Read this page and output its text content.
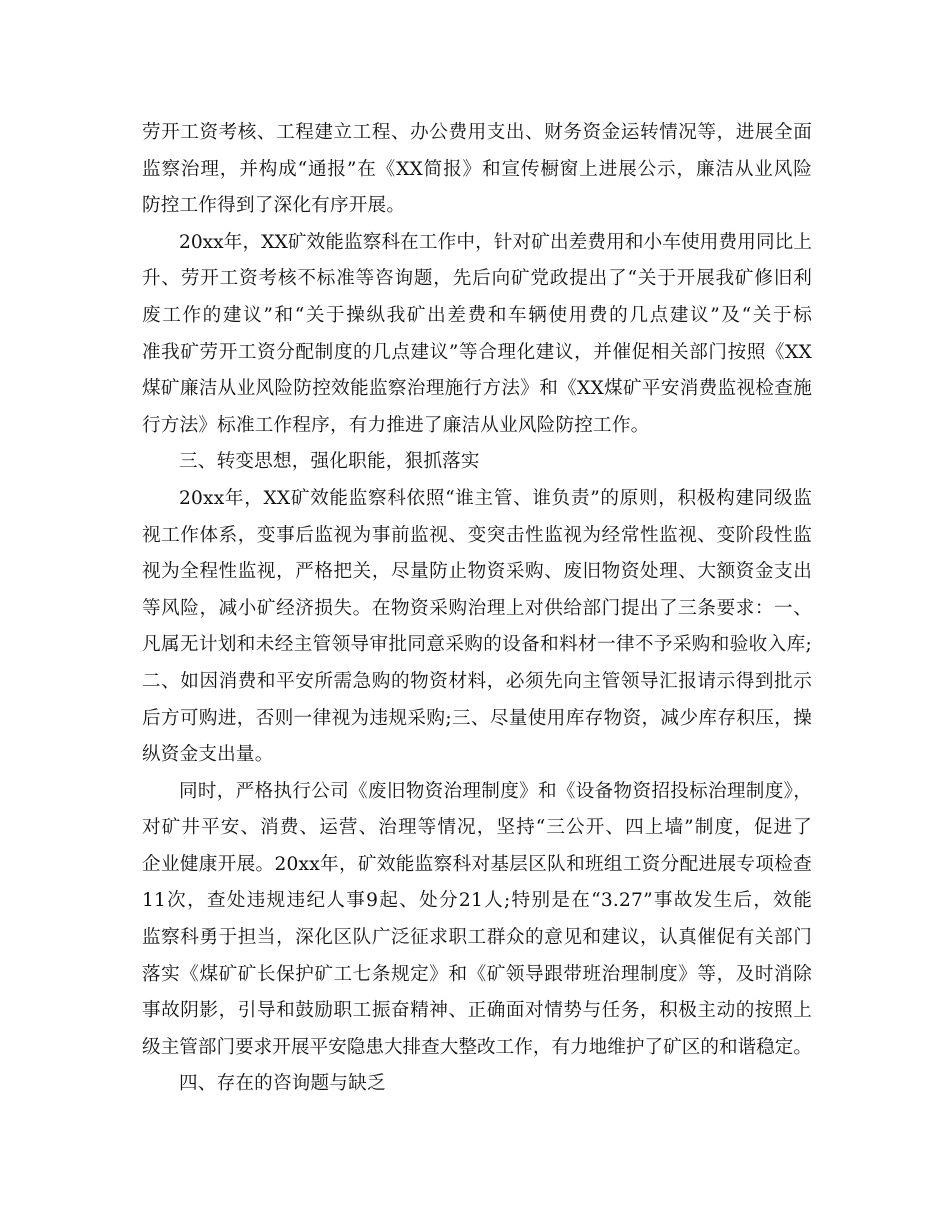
劳开工资考核、工程建立工程、办公费用支出、财务资金运转情况等，进展全面
监察治理，并构成“通报”在《XX简报》和宣传橱窗上进展公示，廉洁从业风险
防控工作得到了深化有序开展。
20xx年，XX矿效能监察科在工作中，针对矿出差费用和小车使用费用同比上
升、劳开工资考核不标准等咨询题，先后向矿党政提出了“关于开展我矿修旧利
废工作的建议”和“关于操纵我矿出差费和车辆使用费的几点建议”及“关于标
准我矿劳开工资分配制度的几点建议”等合理化建议，并催促相关部门按照《XX
煤矿廉洁从业风险防控效能监察治理施行方法》和《XX煤矿平安消费监视检查施
行方法》标准工作程序，有力推进了廉洁从业风险防控工作。
三、转变思想，强化职能，狠抓落实
20xx年，XX矿效能监察科依照“谁主管、谁负责”的原则，积极构建同级监
视工作体系，变事后监视为事前监视、变突击性监视为经常性监视、变阶段性监
视为全程性监视，严格把关，尽量防止物资采购、废旧物资处理、大额资金支出
等风险，减小矿经济损失。在物资采购治理上对供给部门提出了三条要求：一、
凡属无计划和未经主管领导审批同意采购的设备和料材一律不予采购和验收入库;
二、如因消费和平安所需急购的物资材料，必须先向主管领导汇报请示得到批示
后方可购进，否则一律视为违规采购;三、尽量使用库存物资，减少库存积压，操
纵资金支出量。
同时，严格执行公司《废旧物资治理制度》和《设备物资招投标治理制度》，
对矿井平安、消费、运营、治理等情况，坚持“三公开、四上墙”制度，促进了
企业健康开展。20xx年，矿效能监察科对基层区队和班组工资分配进展专项检查
11次，查处违规违纪人事9起、处分21人;特别是在“3.27”事故发生后，效能
监察科勇于担当，深化区队广泛征求职工群众的意见和建议，认真催促有关部门
落实《煤矿矿长保护矿工七条规定》和《矿领导跟带班治理制度》等，及时消除
事故阴影，引导和鼓励职工振奋精神、正确面对情势与任务，积极主动的按照上
级主管部门要求开展平安隐患大排查大整改工作，有力地维护了矿区的和谐稳定。
四、存在的咨询题与缺乏
